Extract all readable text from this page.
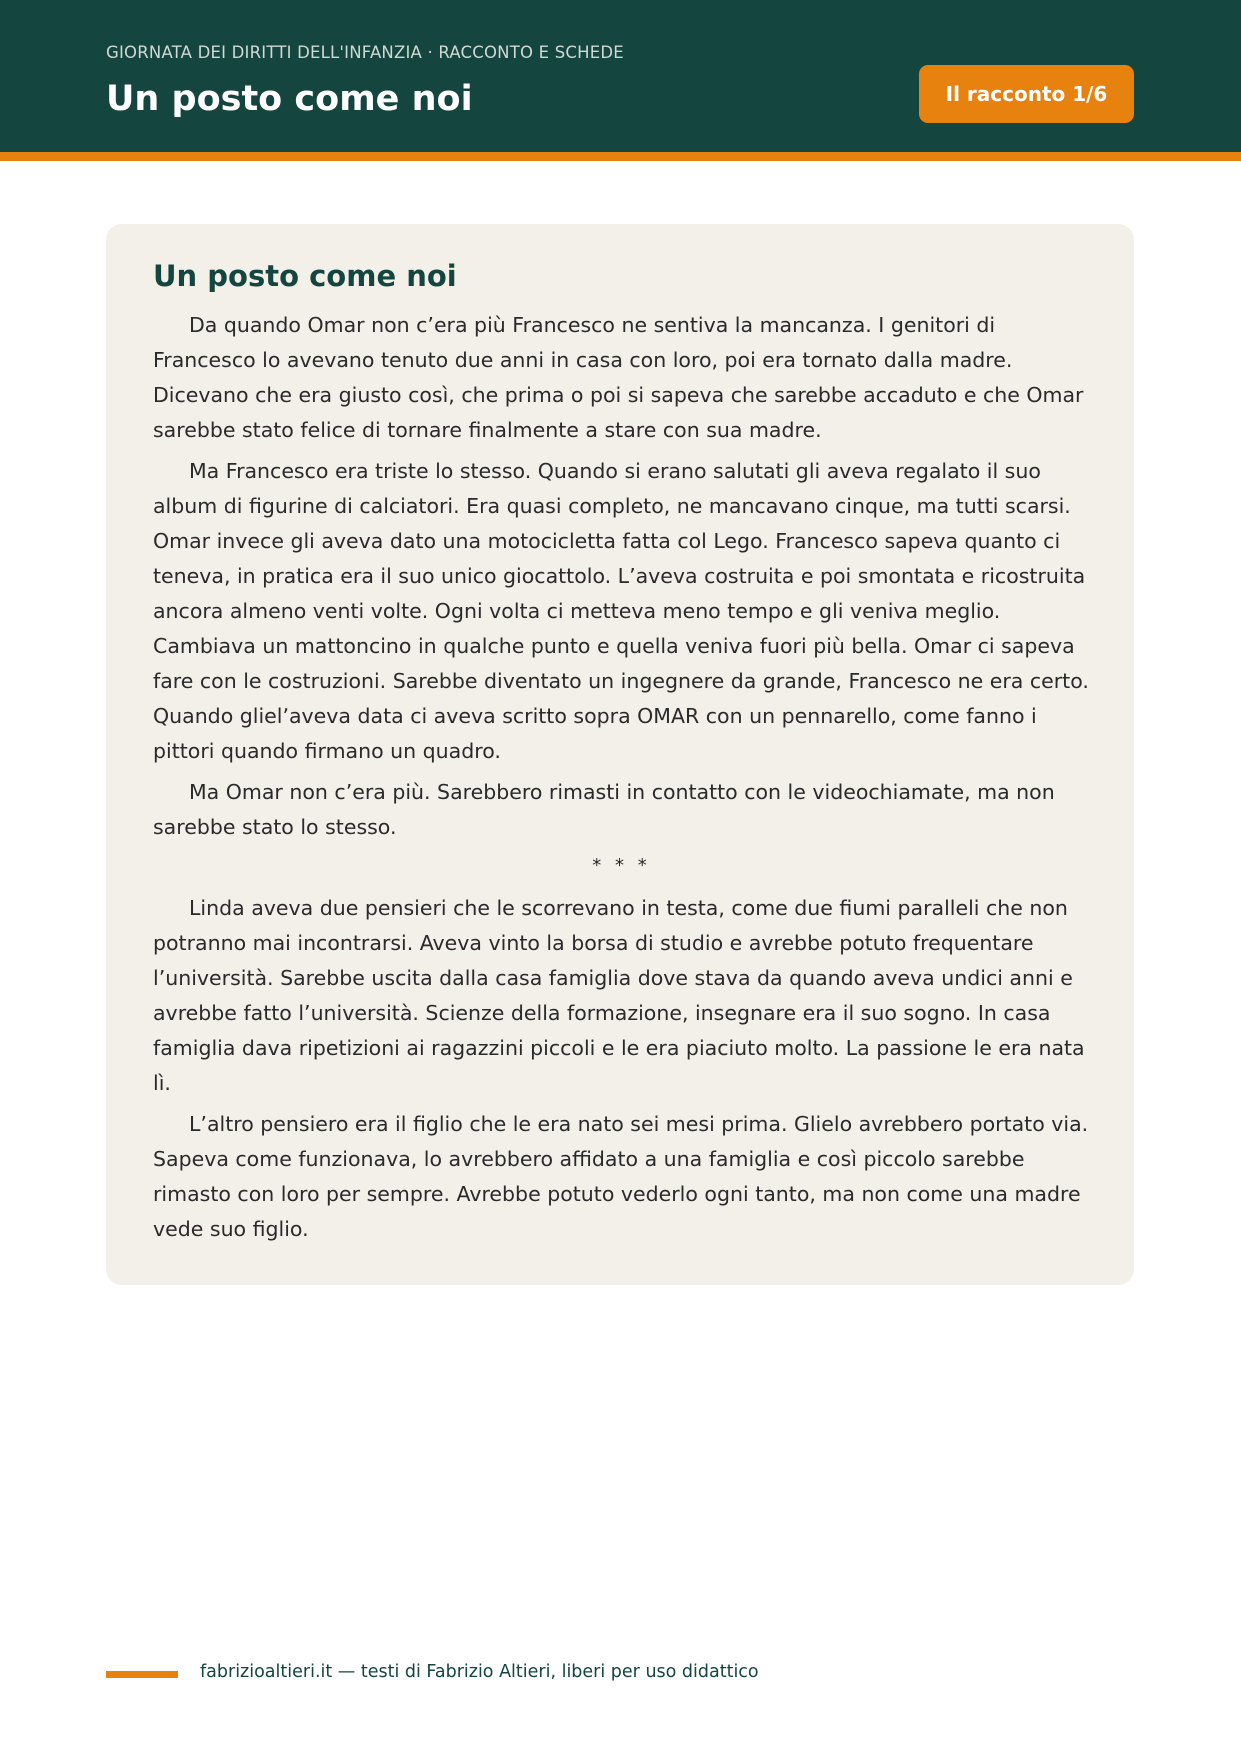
GIORNATA DEI DIRITTI DELL'INFANZIA · RACCONTO E SCHEDE
Un posto come noi	Il racconto 1/6
Un posto come noi

Da quando Omar non c’era più Francesco ne sentiva la mancanza. I genitori di Francesco lo avevano tenuto due anni in casa con loro, poi era tornato dalla madre. Dicevano che era giusto così, che prima o poi si sapeva che sarebbe accaduto e che Omar sarebbe stato felice di tornare finalmente a stare con sua madre.

Ma Francesco era triste lo stesso. Quando si erano salutati gli aveva regalato il suo album di figurine di calciatori. Era quasi completo, ne mancavano cinque, ma tutti scarsi. Omar invece gli aveva dato una motocicletta fatta col Lego. Francesco sapeva quanto ci teneva, in pratica era il suo unico giocattolo. L’aveva costruita e poi smontata e ricostruita ancora almeno venti volte. Ogni volta ci metteva meno tempo e gli veniva meglio. Cambiava un mattoncino in qualche punto e quella veniva fuori più bella. Omar ci sapeva fare con le costruzioni. Sarebbe diventato un ingegnere da grande, Francesco ne era certo. Quando glielʼaveva data ci aveva scritto sopra OMAR con un pennarello, come fanno i pittori quando firmano un quadro.

Ma Omar non c’era più. Sarebbero rimasti in contatto con le videochiamate, ma non sarebbe stato lo stesso.

* * *

Linda aveva due pensieri che le scorrevano in testa, come due fiumi paralleli che non potranno mai incontrarsi. Aveva vinto la borsa di studio e avrebbe potuto frequentare l’università. Sarebbe uscita dalla casa famiglia dove stava da quando aveva undici anni e avrebbe fatto l’università. Scienze della formazione, insegnare era il suo sogno. In casa famiglia dava ripetizioni ai ragazzini piccoli e le era piaciuto molto. La passione le era nata lì.

L’altro pensiero era il figlio che le era nato sei mesi prima. Glielo avrebbero portato via. Sapeva come funzionava, lo avrebbero affidato a una famiglia e così piccolo sarebbe rimasto con loro per sempre. Avrebbe potuto vederlo ogni tanto, ma non come una madre vede suo figlio.

fabrizioaltieri.it — testi di Fabrizio Altieri, liberi per uso didattico
